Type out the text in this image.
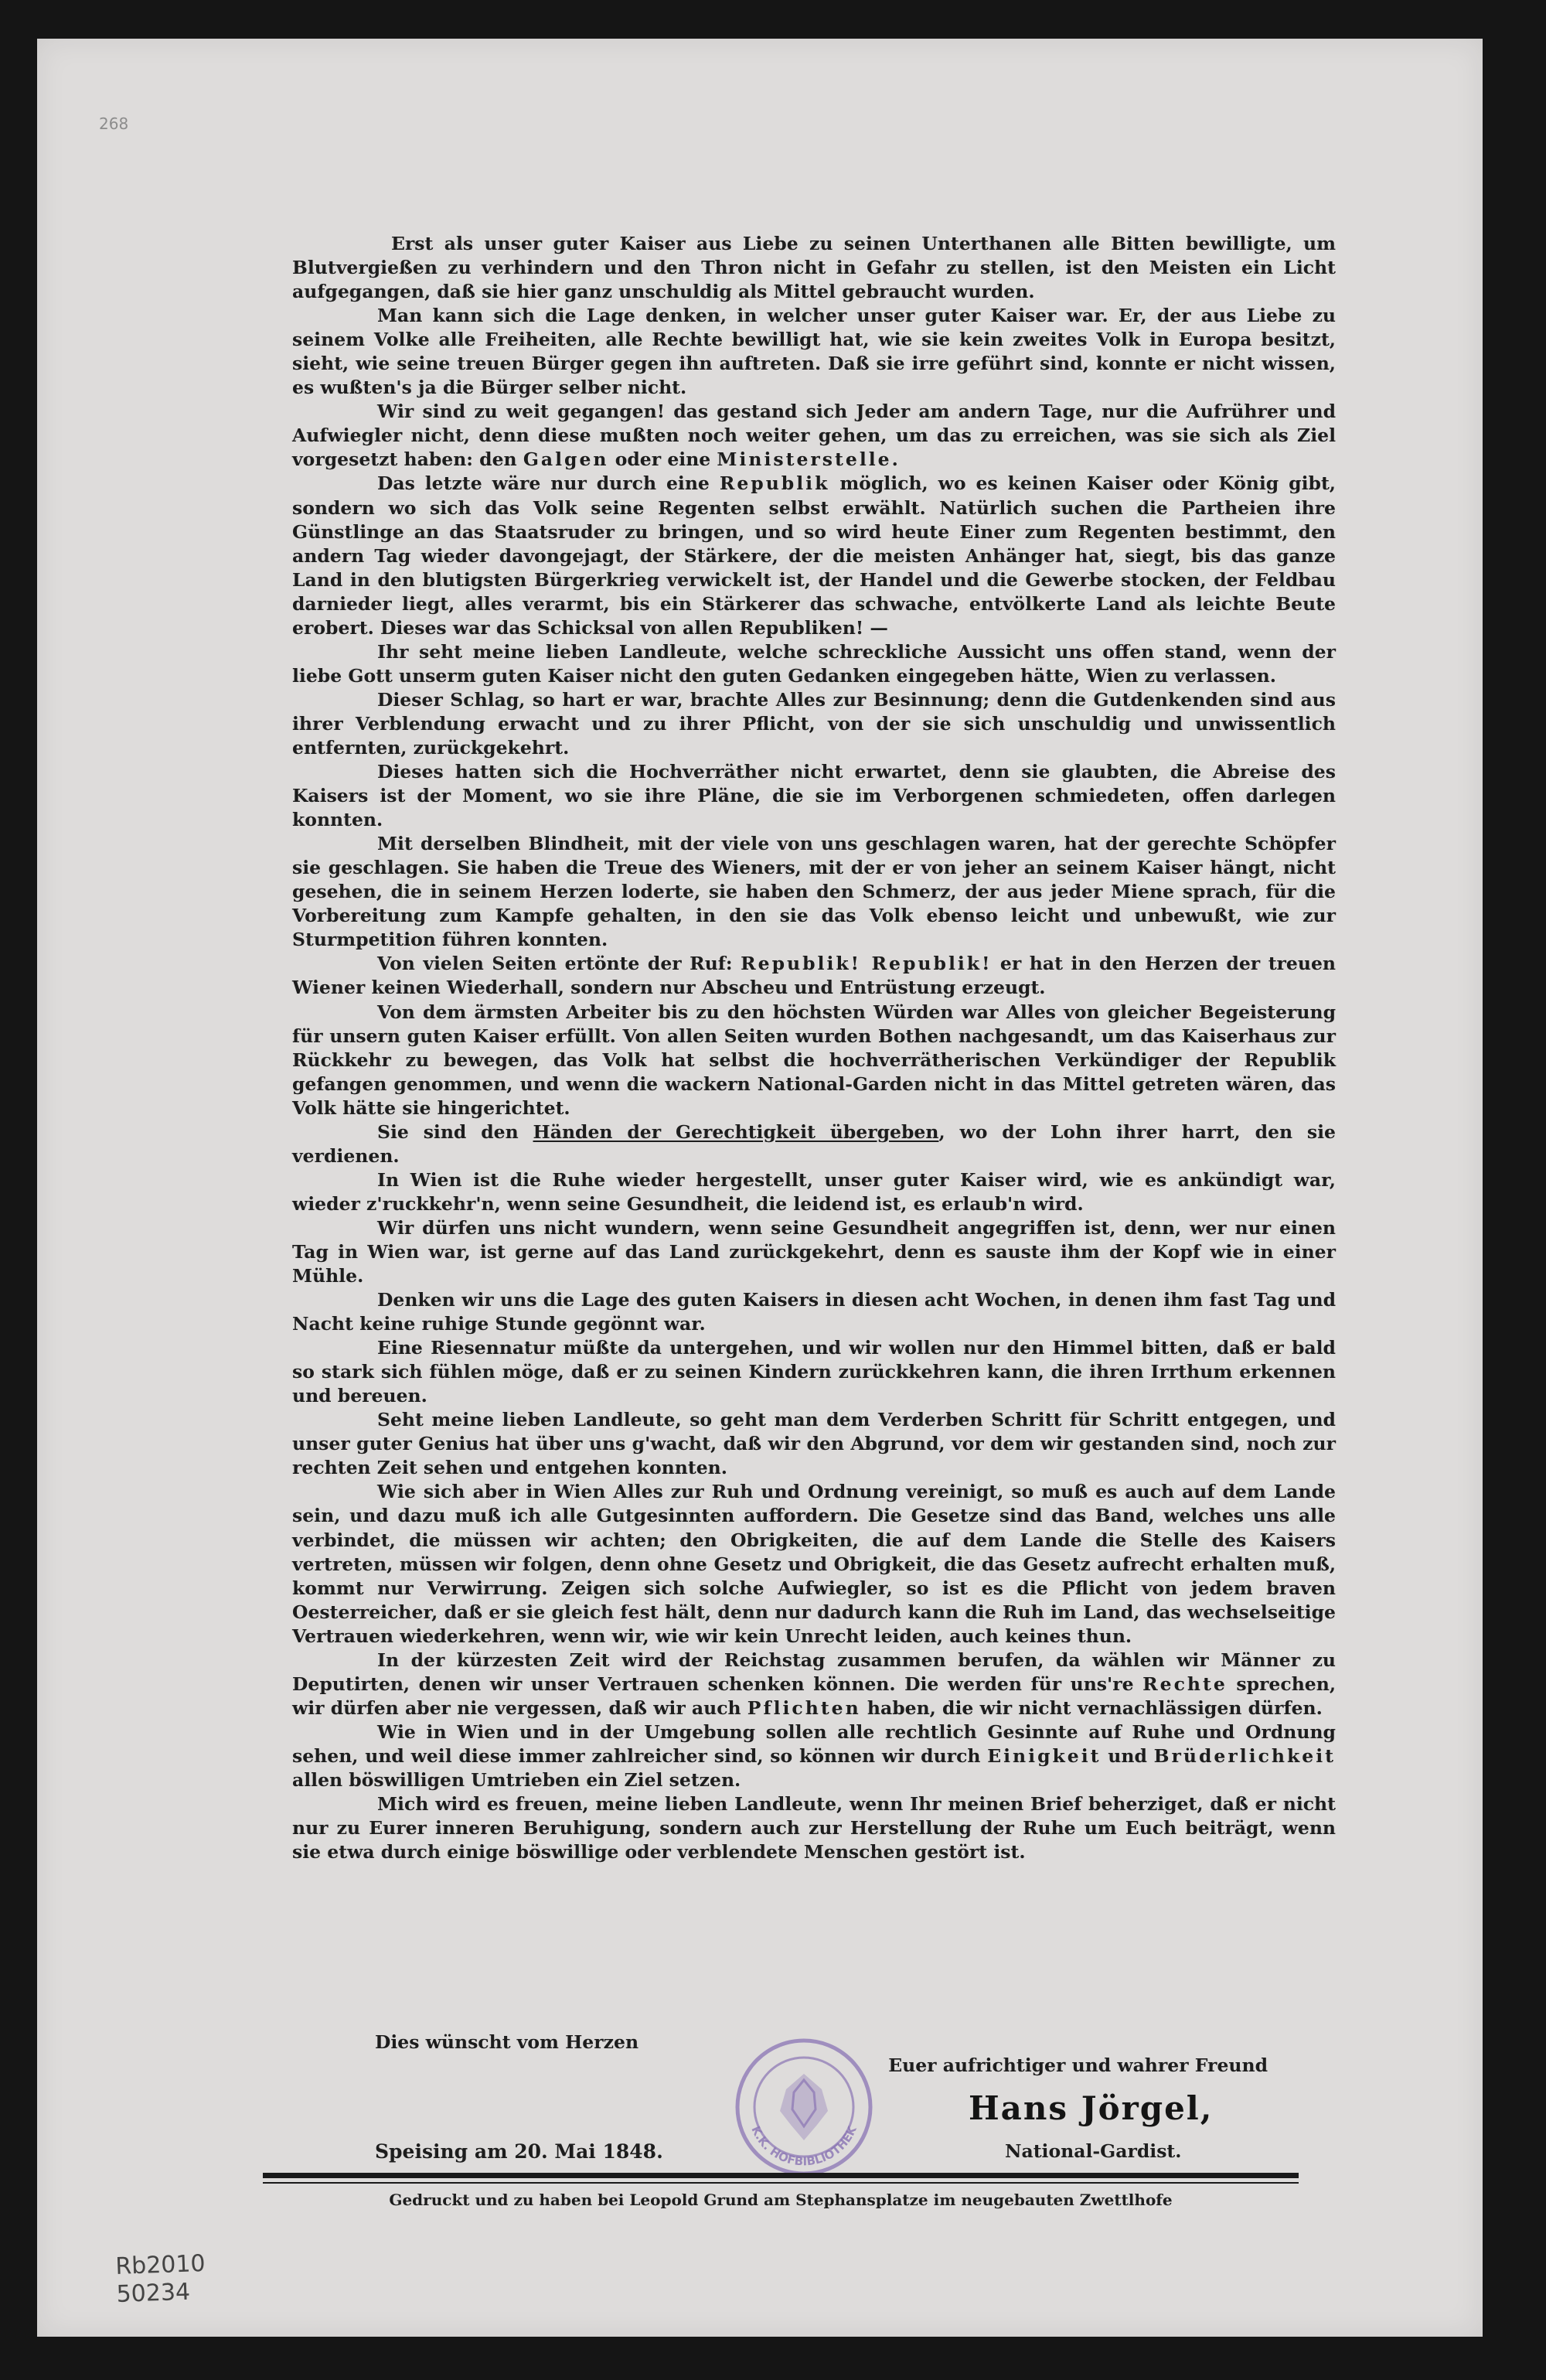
268

Erst als unser guter Kaiser aus Liebe zu seinen Unterthanen alle Bitten bewilligte, um Blutvergießen zu verhindern und den Thron nicht in Gefahr zu stellen, ist den Meisten ein Licht aufgegangen, daß sie hier ganz unschuldig als Mittel gebraucht wurden.

Man kann sich die Lage denken, in welcher unser guter Kaiser war. Er, der aus Liebe zu seinem Volke alle Freiheiten, alle Rechte bewilligt hat, wie sie kein zweites Volk in Europa besitzt, sieht, wie seine treuen Bürger gegen ihn auftreten. Daß sie irre geführt sind, konnte er nicht wissen, es wußten's ja die Bürger selber nicht.

Wir sind zu weit gegangen! das gestand sich Jeder am andern Tage, nur die Aufrührer und Aufwiegler nicht, denn diese mußten noch weiter gehen, um das zu erreichen, was sie sich als Ziel vorgesetzt haben: den Galgen oder eine Ministerstelle.

Das letzte wäre nur durch eine Republik möglich, wo es keinen Kaiser oder König gibt, sondern wo sich das Volk seine Regenten selbst erwählt. Natürlich suchen die Partheien ihre Günstlinge an das Staatsruder zu bringen, und so wird heute Einer zum Regenten bestimmt, den andern Tag wieder davongejagt, der Stärkere, der die meisten Anhänger hat, siegt, bis das ganze Land in den blutigsten Bürgerkrieg verwickelt ist, der Handel und die Gewerbe stocken, der Feldbau darnieder liegt, alles verarmt, bis ein Stärkerer das schwache, entvölkerte Land als leichte Beute erobert. Dieses war das Schicksal von allen Republiken! —

Ihr seht meine lieben Landleute, welche schreckliche Aussicht uns offen stand, wenn der liebe Gott unserm guten Kaiser nicht den guten Gedanken eingegeben hätte, Wien zu verlassen.

Dieser Schlag, so hart er war, brachte Alles zur Besinnung; denn die Gutdenkenden sind aus ihrer Verblendung erwacht und zu ihrer Pflicht, von der sie sich unschuldig und unwissentlich entfernten, zurückgekehrt.

Dieses hatten sich die Hochverräther nicht erwartet, denn sie glaubten, die Abreise des Kaisers ist der Moment, wo sie ihre Pläne, die sie im Verborgenen schmiedeten, offen darlegen konnten.

Mit derselben Blindheit, mit der viele von uns geschlagen waren, hat der gerechte Schöpfer sie geschlagen. Sie haben die Treue des Wieners, mit der er von jeher an seinem Kaiser hängt, nicht gesehen, die in seinem Herzen loderte, sie haben den Schmerz, der aus jeder Miene sprach, für die Vorbereitung zum Kampfe gehalten, in den sie das Volk ebenso leicht und unbewußt, wie zur Sturmpetition führen konnten.

Von vielen Seiten ertönte der Ruf: Republik! Republik! er hat in den Herzen der treuen Wiener keinen Wiederhall, sondern nur Abscheu und Entrüstung erzeugt.

Von dem ärmsten Arbeiter bis zu den höchsten Würden war Alles von gleicher Begeisterung für unsern guten Kaiser erfüllt. Von allen Seiten wurden Bothen nachgesandt, um das Kaiserhaus zur Rückkehr zu bewegen, das Volk hat selbst die hochverrätherischen Verkündiger der Republik gefangen genommen, und wenn die wackern National-Garden nicht in das Mittel getreten wären, das Volk hätte sie hingerichtet.

Sie sind den Händen der Gerechtigkeit übergeben, wo der Lohn ihrer harrt, den sie verdienen.

In Wien ist die Ruhe wieder hergestellt, unser guter Kaiser wird, wie es ankündigt war, wieder z'ruckkehr'n, wenn seine Gesundheit, die leidend ist, es erlaub'n wird.

Wir dürfen uns nicht wundern, wenn seine Gesundheit angegriffen ist, denn, wer nur einen Tag in Wien war, ist gerne auf das Land zurückgekehrt, denn es sauste ihm der Kopf wie in einer Mühle.

Denken wir uns die Lage des guten Kaisers in diesen acht Wochen, in denen ihm fast Tag und Nacht keine ruhige Stunde gegönnt war.

Eine Riesennatur müßte da untergehen, und wir wollen nur den Himmel bitten, daß er bald so stark sich fühlen möge, daß er zu seinen Kindern zurückkehren kann, die ihren Irrthum erkennen und bereuen.

Seht meine lieben Landleute, so geht man dem Verderben Schritt für Schritt entgegen, und unser guter Genius hat über uns g'wacht, daß wir den Abgrund, vor dem wir gestanden sind, noch zur rechten Zeit sehen und entgehen konnten.

Wie sich aber in Wien Alles zur Ruh und Ordnung vereinigt, so muß es auch auf dem Lande sein, und dazu muß ich alle Gutgesinnten auffordern. Die Gesetze sind das Band, welches uns alle verbindet, die müssen wir achten; den Obrigkeiten, die auf dem Lande die Stelle des Kaisers vertreten, müssen wir folgen, denn ohne Gesetz und Obrigkeit, die das Gesetz aufrecht erhalten muß, kommt nur Verwirrung. Zeigen sich solche Aufwiegler, so ist es die Pflicht von jedem braven Oesterreicher, daß er sie gleich fest hält, denn nur dadurch kann die Ruh im Land, das wechselseitige Vertrauen wiederkehren, wenn wir, wie wir kein Unrecht leiden, auch keines thun.

In der kürzesten Zeit wird der Reichstag zusammen berufen, da wählen wir Männer zu Deputirten, denen wir unser Vertrauen schenken können. Die werden für uns're Rechte sprechen, wir dürfen aber nie vergessen, daß wir auch Pflichten haben, die wir nicht vernachlässigen dürfen.

Wie in Wien und in der Umgebung sollen alle rechtlich Gesinnte auf Ruhe und Ordnung sehen, und weil diese immer zahlreicher sind, so können wir durch Einigkeit und Brüderlichkeit allen böswilligen Umtrieben ein Ziel setzen.

Mich wird es freuen, meine lieben Landleute, wenn Ihr meinen Brief beherziget, daß er nicht nur zu Eurer inneren Beruhigung, sondern auch zur Herstellung der Ruhe um Euch beiträgt, wenn sie etwa durch einige böswillige oder verblendete Menschen gestört ist.

Dies wünscht vom Herzen
Euer aufrichtiger und wahrer Freund
K.K. HOFBIBLIOTHEK
Hans Jörgel,
Speising am 20. Mai 1848.	National-Gardist.
Gedruckt und zu haben bei Leopold Grund am Stephansplatze im neugebauten Zwettlhofe
Rb2010
50234
